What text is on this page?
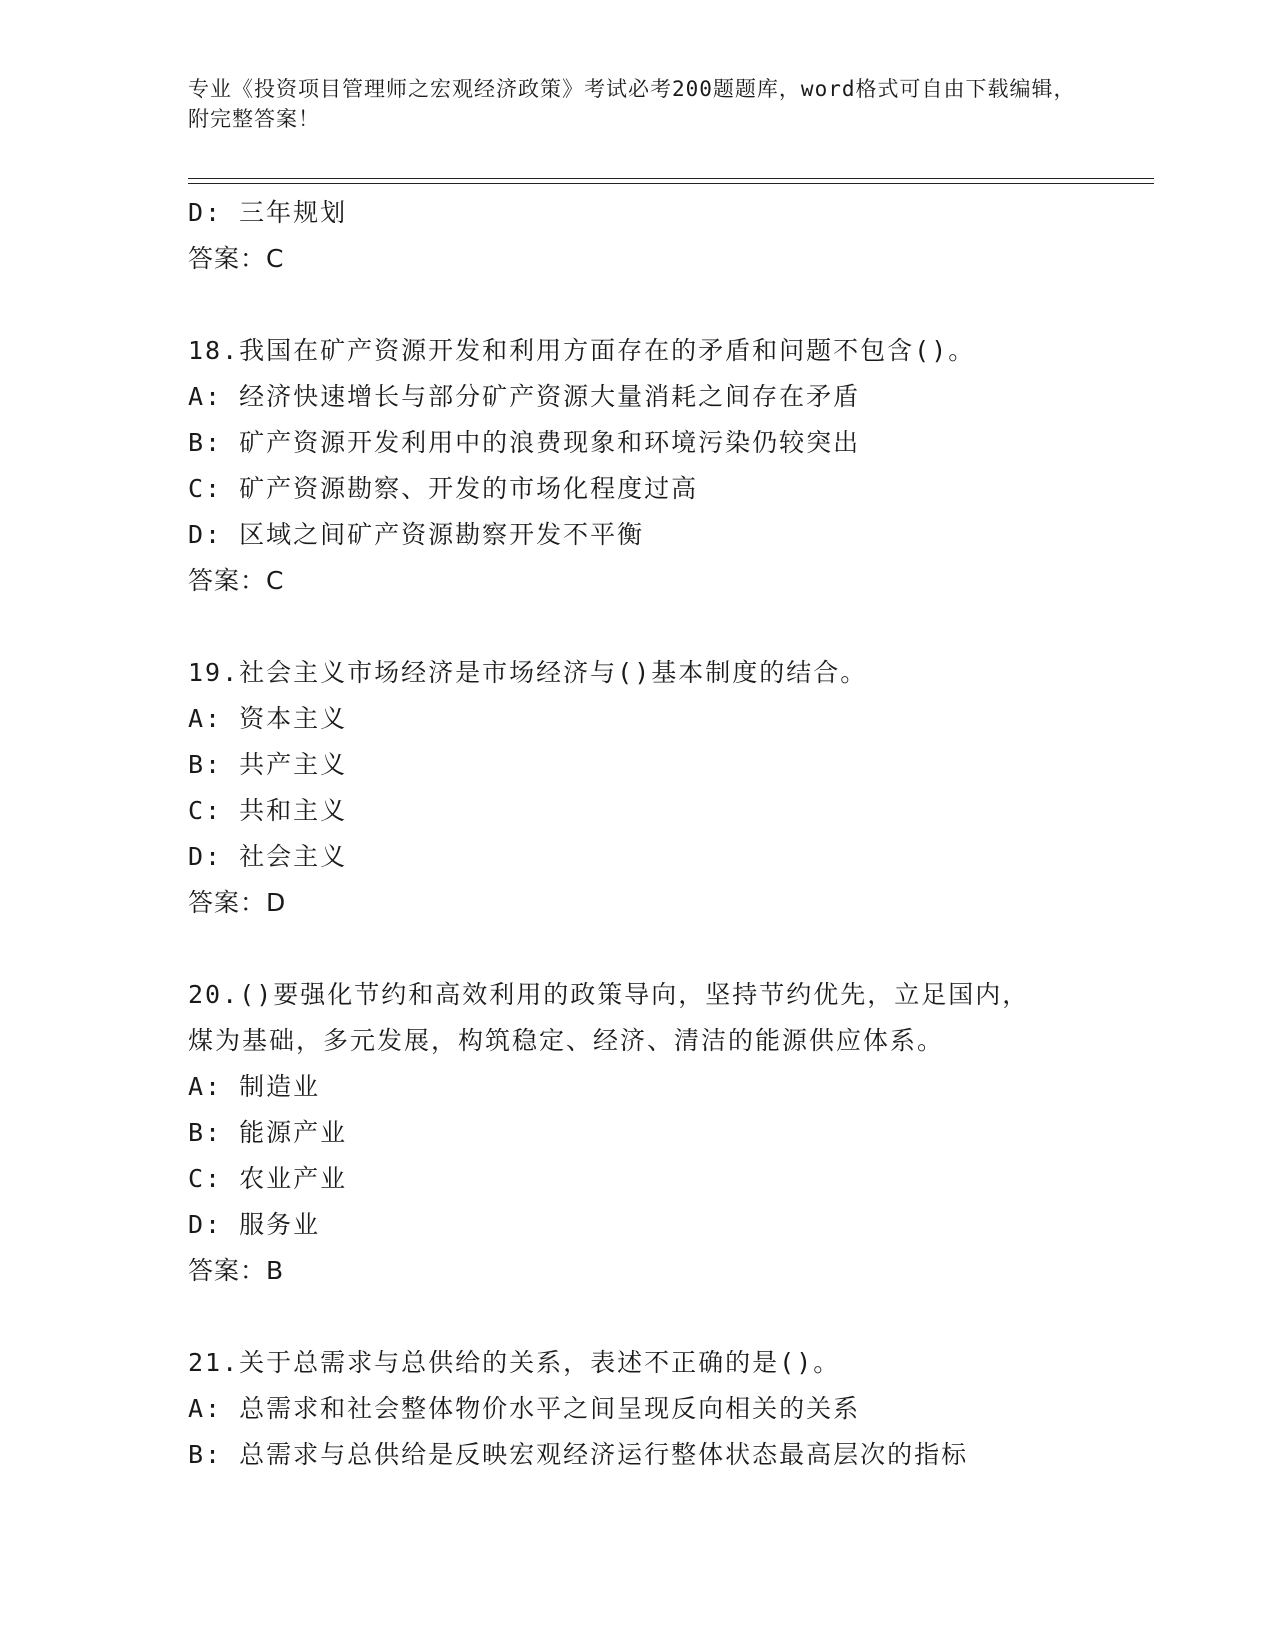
专业《投资项目管理师之宏观经济政策》考试必考200题题库，word格式可自由下载编辑，附完整答案！
D: 三年规划
答案：C
18.我国在矿产资源开发和利用方面存在的矛盾和问题不包含()。
A: 经济快速增长与部分矿产资源大量消耗之间存在矛盾
B: 矿产资源开发利用中的浪费现象和环境污染仍较突出
C: 矿产资源勘察、开发的市场化程度过高
D: 区域之间矿产资源勘察开发不平衡
答案：C
19.社会主义市场经济是市场经济与()基本制度的结合。
A: 资本主义
B: 共产主义
C: 共和主义
D: 社会主义
答案：D
20.()要强化节约和高效利用的政策导向，坚持节约优先，立足国内，煤为基础，多元发展，构筑稳定、经济、清洁的能源供应体系。
A: 制造业
B: 能源产业
C: 农业产业
D: 服务业
答案：B
21.关于总需求与总供给的关系，表述不正确的是()。
A: 总需求和社会整体物价水平之间呈现反向相关的关系
B: 总需求与总供给是反映宏观经济运行整体状态最高层次的指标
